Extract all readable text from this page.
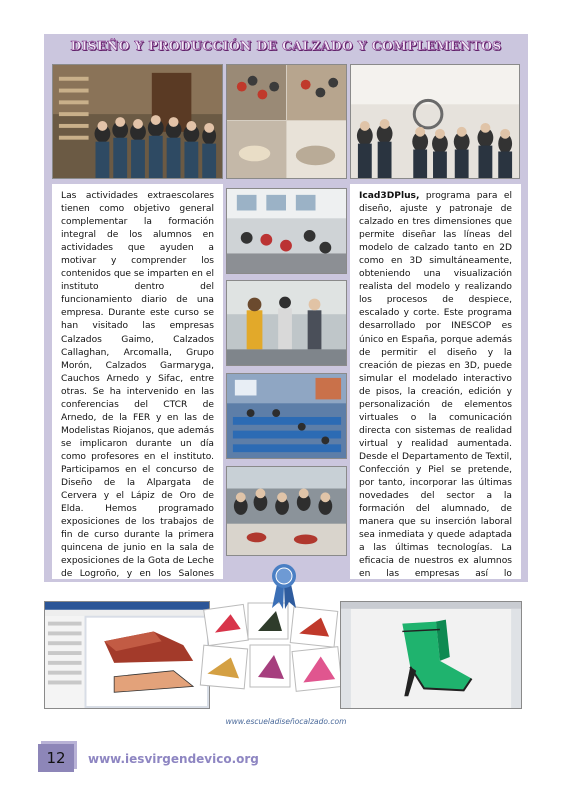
DISEÑO Y PRODUCCIÓN DE CALZADO Y COMPLEMENTOS

Las actividades extraescolares tienen como objetivo general complementar la formación integral de los alumnos en actividades que ayuden a motivar y comprender los contenidos que se imparten en el instituto dentro del funcionamiento diario de una empresa. Durante este curso se han visitado las empresas Calzados Gaimo, Calzados Callaghan, Arcomalla, Grupo Morón, Calzados Garmaryga, Cauchos Arnedo y Sifac, entre otras. Se ha intervenido en las conferencias del CTCR de Arnedo, de la FER y en las de Modelistas Riojanos, que además se implicaron durante un día como profesores en el instituto. Participamos en el concurso de Diseño de la Alpargata de Cervera y el Lápiz de Oro de Elda. Hemos programado exposiciones de los trabajos de fin de curso durante la primera quincena de junio en la sala de exposiciones de la Gota de Leche de Logroño, y en los Salones

Icad3DPlus, programa para el diseño, ajuste y patronaje de calzado en tres dimensiones que permite diseñar las líneas del modelo de calzado tanto en 2D como en 3D simultáneamente, obteniendo una visualización realista del modelo y realizando los procesos de despiece, escalado y corte. Este programa desarrollado por INESCOP es único en España, porque además de permitir el diseño y la creación de piezas en 3D, puede simular el modelado interactivo de pisos, la creación, edición y personalización de elementos virtuales o la comunicación directa con sistemas de realidad virtual y realidad aumentada. Desde el Departamento de Textil, Confección y Piel se pretende, por tanto, incorporar las últimas novedades del sector a la formación del alumnado, de manera que su inserción laboral sea inmediata y quede adaptada a las últimas tecnologías. La eficacia de nuestros ex alumnos en las empresas así lo

www.escueladiseñocalzado.com
12	www.iesvirgendevico.org
